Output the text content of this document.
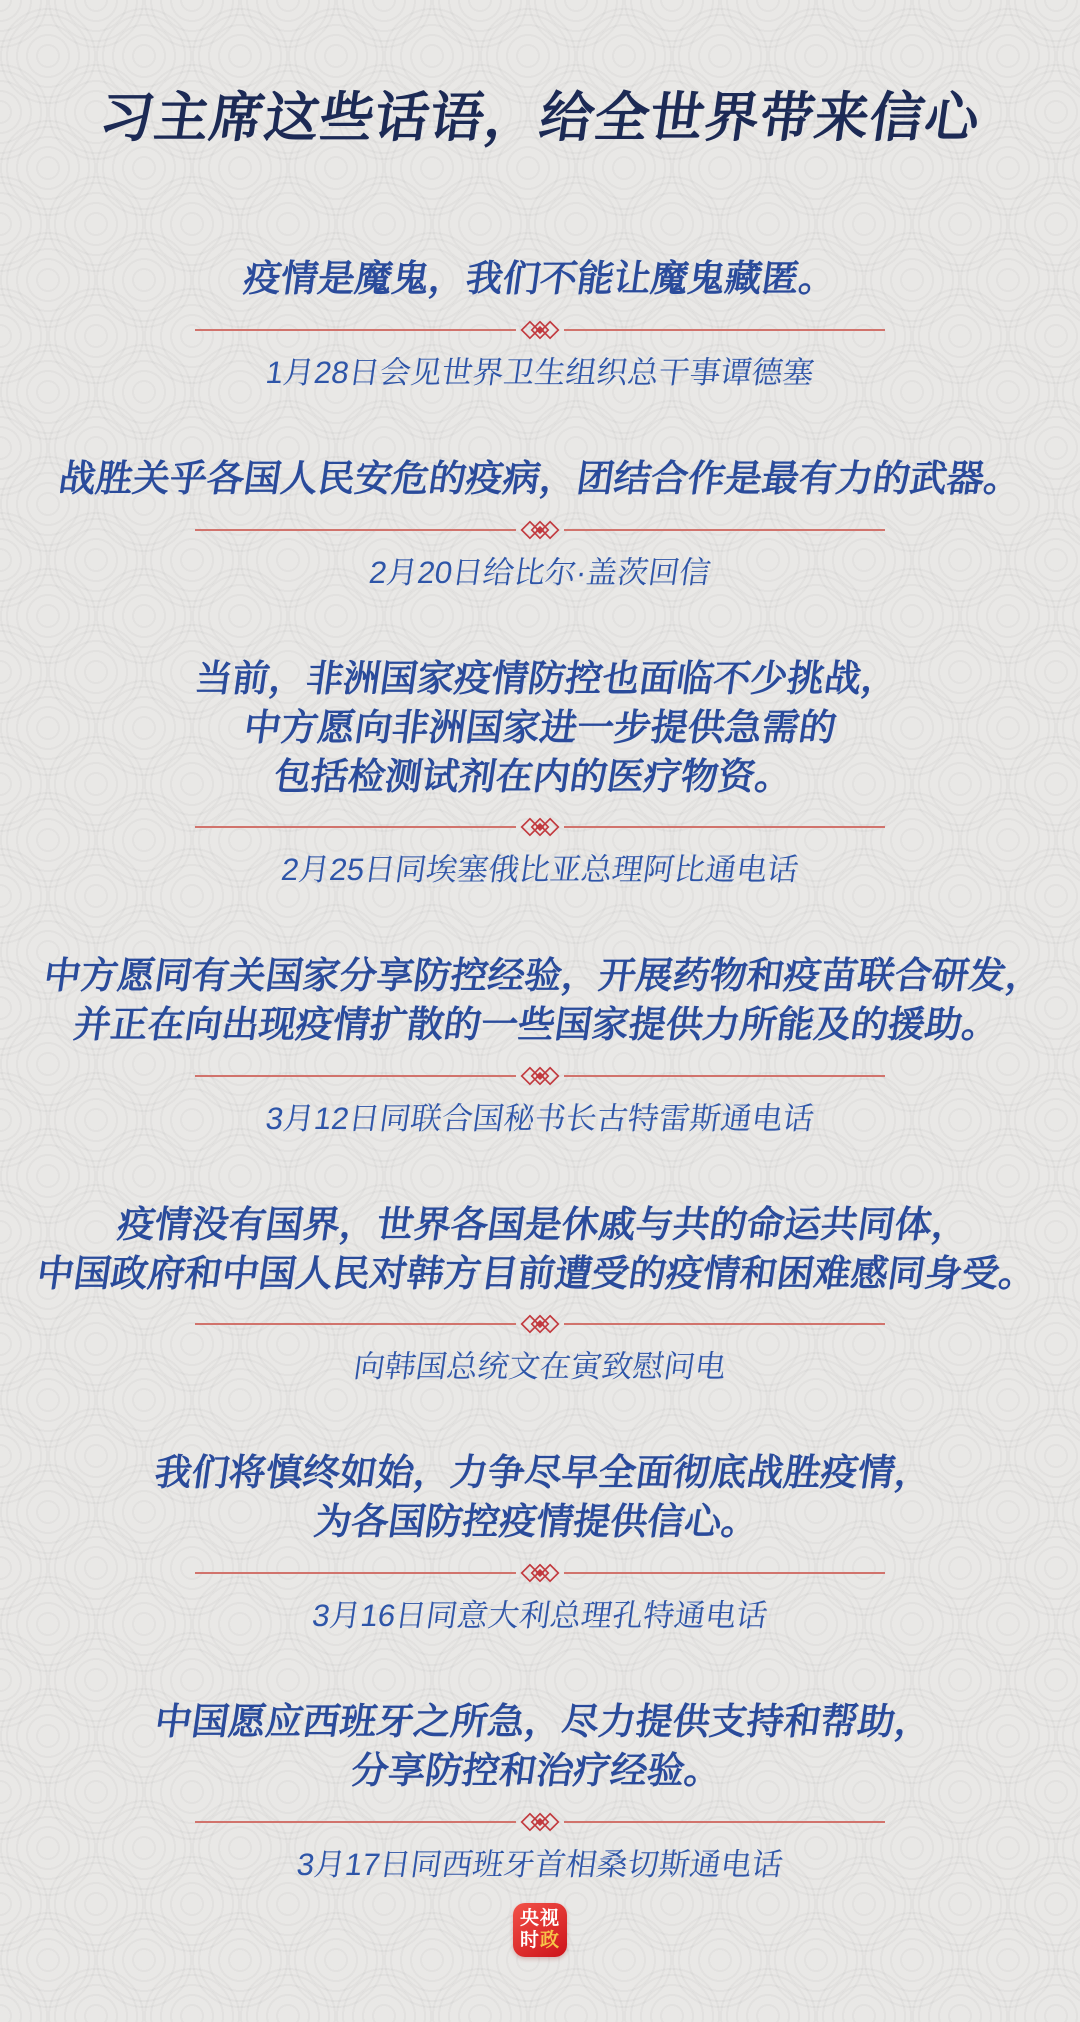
习主席这些话语，给全世界带来信心

疫情是魔鬼，我们不能让魔鬼藏匿。

1月28日会见世界卫生组织总干事谭德塞

战胜关乎各国人民安危的疫病，团结合作是最有力的武器。

2月20日给比尔·盖茨回信

当前，非洲国家疫情防控也面临不少挑战，
中方愿向非洲国家进一步提供急需的
包括检测试剂在内的医疗物资。

2月25日同埃塞俄比亚总理阿比通电话

中方愿同有关国家分享防控经验，开展药物和疫苗联合研发，
并正在向出现疫情扩散的一些国家提供力所能及的援助。

3月12日同联合国秘书长古特雷斯通电话

疫情没有国界，世界各国是休戚与共的命运共同体，
中国政府和中国人民对韩方目前遭受的疫情和困难感同身受。

向韩国总统文在寅致慰问电

我们将慎终如始，力争尽早全面彻底战胜疫情，
为各国防控疫情提供信心。

3月16日同意大利总理孔特通电话

中国愿应西班牙之所急，尽力提供支持和帮助，
分享防控和治疗经验。

3月17日同西班牙首相桑切斯通电话

央视
时政
